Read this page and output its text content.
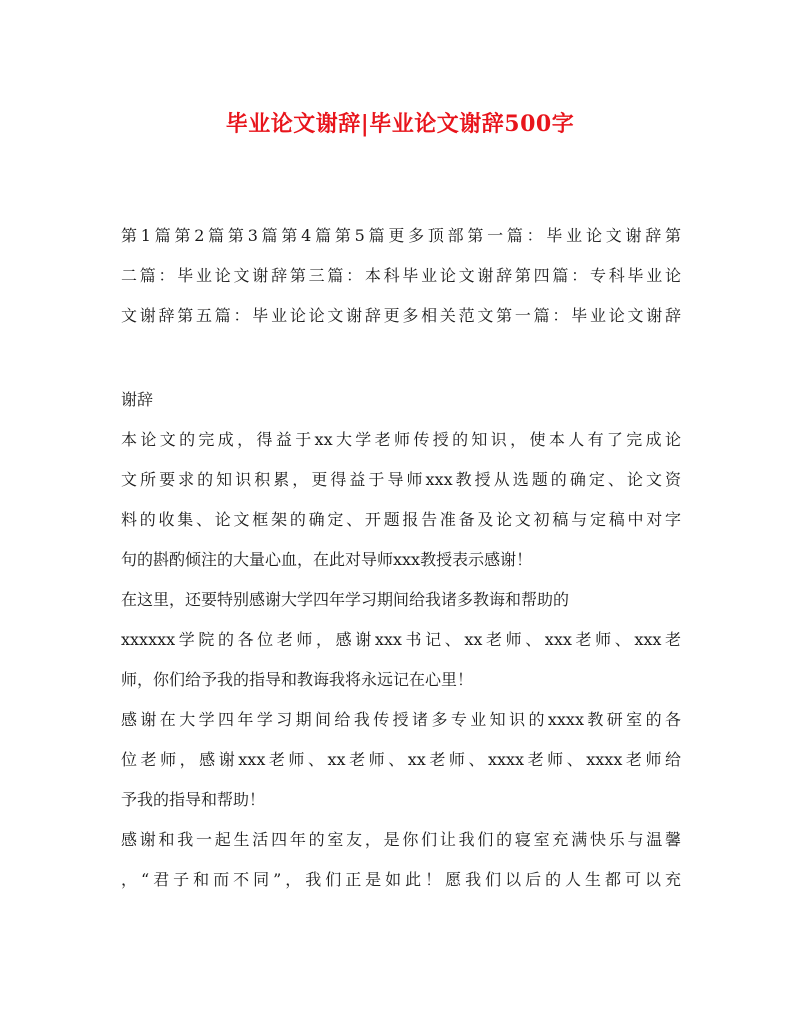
毕业论文谢辞|毕业论文谢辞500字
第1篇第2篇第3篇第4篇第5篇更多顶部第一篇：毕业论文谢辞第
二篇：毕业论文谢辞第三篇：本科毕业论文谢辞第四篇：专科毕业论
文谢辞第五篇：毕业论论文谢辞更多相关范文第一篇：毕业论文谢辞
谢辞
本论文的完成，得益于xx大学老师传授的知识，使本人有了完成论
文所要求的知识积累，更得益于导师xxx教授从选题的确定、论文资
料的收集、论文框架的确定、开题报告准备及论文初稿与定稿中对字
句的斟酌倾注的大量心血，在此对导师xxx教授表示感谢！
在这里，还要特别感谢大学四年学习期间给我诸多教诲和帮助的
xxxxxx学院的各位老师，感谢xxx书记、xx老师、xxx老师、xxx老
师，你们给予我的指导和教诲我将永远记在心里！
感谢在大学四年学习期间给我传授诸多专业知识的xxxx教研室的各
位老师，感谢xxx老师、xx老师、xx老师、xxxx老师、xxxx老师给
予我的指导和帮助！
感谢和我一起生活四年的室友，是你们让我们的寝室充满快乐与温馨
，“君子和而不同”，我们正是如此！愿我们以后的人生都可以充
